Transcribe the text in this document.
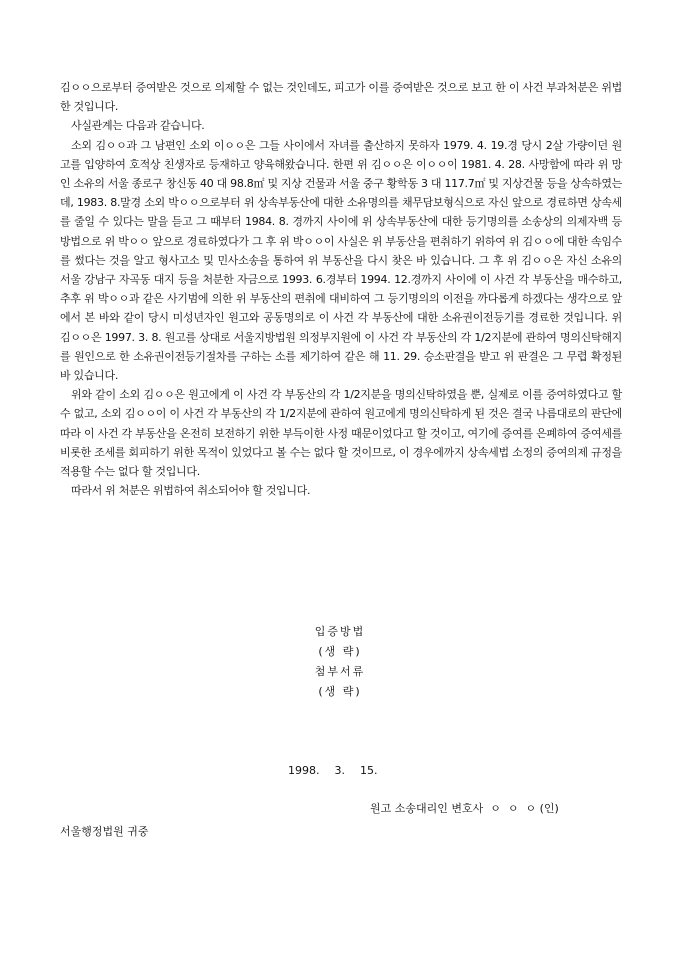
김ㅇㅇ으로부터 증여받은 것으로 의제할 수 없는 것인데도, 피고가 이를 증여받은 것으로 보고 한 이 사건 부과처분은 위법한 것입니다.

사실관계는 다음과 같습니다.

소외 김ㅇㅇ과 그 남편인 소외 이ㅇㅇ은 그들 사이에서 자녀를 출산하지 못하자 1979. 4. 19.경 당시 2살 가량이던 원고를 입양하여 호적상 친생자로 등재하고 양육해왔습니다. 한편 위 김ㅇㅇ은 이ㅇㅇ이 1981. 4. 28. 사망함에 따라 위 망인 소유의 서울 종로구 창신동 40 대 98.8㎡ 및 지상 건물과 서울 중구 황학동 3 대 117.7㎡ 및 지상건물 등을 상속하였는데, 1983. 8.말경 소외 박ㅇㅇ으로부터 위 상속부동산에 대한 소유명의를 채무담보형식으로 자신 앞으로 경료하면 상속세를 줄일 수 있다는 말을 듣고 그 때부터 1984. 8. 경까지 사이에 위 상속부동산에 대한 등기명의를 소송상의 의제자백 등 방법으로 위 박ㅇㅇ 앞으로 경료하였다가 그 후 위 박ㅇㅇ이 사실은 위 부동산을 편취하기 위하여 위 김ㅇㅇ에 대한 속임수를 썼다는 것을 알고 형사고소 및 민사소송을 통하여 위 부동산을 다시 찾은 바 있습니다. 그 후 위 김ㅇㅇ은 자신 소유의 서울 강남구 자곡동 대지 등을 처분한 자금으로 1993. 6.경부터 1994. 12.경까지 사이에 이 사건 각 부동산을 매수하고, 추후 위 박ㅇㅇ과 같은 사기범에 의한 위 부동산의 편취에 대비하여 그 등기명의의 이전을 까다롭게 하겠다는 생각으로 앞에서 본 바와 같이 당시 미성년자인 원고와 공동명의로 이 사건 각 부동산에 대한 소유권이전등기를 경료한 것입니다. 위 김ㅇㅇ은 1997. 3. 8. 원고를 상대로 서울지방법원 의정부지원에 이 사건 각 부동산의 각 1/2지분에 관하여 명의신탁해지를 원인으로 한 소유권이전등기절차를 구하는 소를 제기하여 같은 해 11. 29. 승소판결을 받고 위 판결은 그 무렵 확정된 바 있습니다.

위와 같이 소외 김ㅇㅇ은 원고에게 이 사건 각 부동산의 각 1/2지분을 명의신탁하였을 뿐, 실제로 이를 증여하였다고 할 수 없고, 소외 김ㅇㅇ이 이 사건 각 부동산의 각 1/2지분에 관하여 원고에게 명의신탁하게 된 것은 결국 나름대로의 판단에 따라 이 사건 각 부동산을 온전히 보전하기 위한 부득이한 사정 때문이었다고 할 것이고, 여기에 증여를 은폐하여 증여세를 비롯한 조세를 회피하기 위한 목적이 있었다고 볼 수는 없다 할 것이므로, 이 경우에까지 상속세법 소정의 증여의제 규정을 적용할 수는 없다 할 것입니다.

따라서 위 처분은 위법하여 취소되어야 할 것입니다.

입증방법
(생 략)
첨부서류
(생 략)
1998.  3.  15.
원고 소송대리인 변호사  ㅇ  ㅇ  ㅇ (인)
서울행정법원 귀중
